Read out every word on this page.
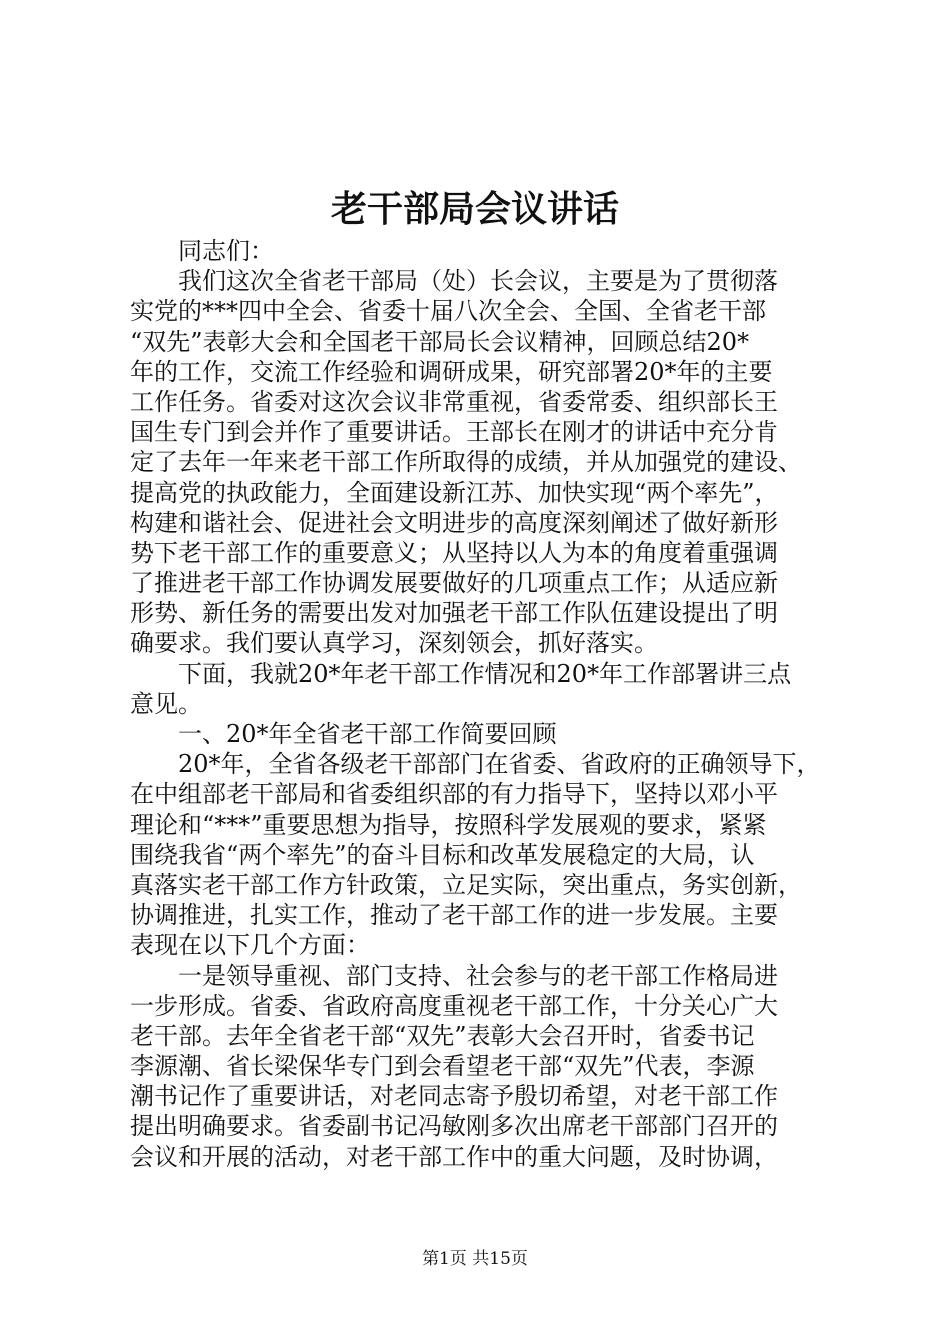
老干部局会议讲话
同志们：
我们这次全省老干部局（处）长会议，主要是为了贯彻落
实党的***四中全会、省委十届八次全会、全国、全省老干部
“双先”表彰大会和全国老干部局长会议精神，回顾总结20*
年的工作，交流工作经验和调研成果，研究部署20*年的主要
工作任务。省委对这次会议非常重视，省委常委、组织部长王
国生专门到会并作了重要讲话。王部长在刚才的讲话中充分肯
定了去年一年来老干部工作所取得的成绩，并从加强党的建设、
提高党的执政能力，全面建设新江苏、加快实现“两个率先”，
构建和谐社会、促进社会文明进步的高度深刻阐述了做好新形
势下老干部工作的重要意义；从坚持以人为本的角度着重强调
了推进老干部工作协调发展要做好的几项重点工作；从适应新
形势、新任务的需要出发对加强老干部工作队伍建设提出了明
确要求。我们要认真学习，深刻领会，抓好落实。
下面，我就20*年老干部工作情况和20*年工作部署讲三点
意见。
一、20*年全省老干部工作简要回顾
20*年，全省各级老干部部门在省委、省政府的正确领导下，
在中组部老干部局和省委组织部的有力指导下，坚持以邓小平
理论和“***”重要思想为指导，按照科学发展观的要求，紧紧
围绕我省“两个率先”的奋斗目标和改革发展稳定的大局，认
真落实老干部工作方针政策，立足实际，突出重点，务实创新，
协调推进，扎实工作，推动了老干部工作的进一步发展。主要
表现在以下几个方面：
一是领导重视、部门支持、社会参与的老干部工作格局进
一步形成。省委、省政府高度重视老干部工作，十分关心广大
老干部。去年全省老干部“双先”表彰大会召开时，省委书记
李源潮、省长梁保华专门到会看望老干部“双先”代表，李源
潮书记作了重要讲话，对老同志寄予殷切希望，对老干部工作
提出明确要求。省委副书记冯敏刚多次出席老干部部门召开的
会议和开展的活动，对老干部工作中的重大问题，及时协调，
第1页 共15页
